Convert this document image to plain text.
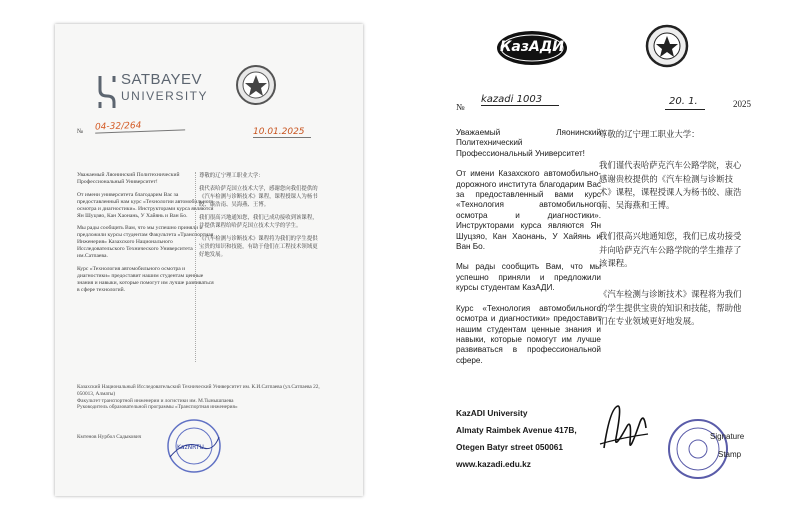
SATBAYEV
UNIVERSITY
№ 04-32/264	10.01.2025

Уважаемый Ляонинский Политехнический Профессиональный Университет!

От имени университета благодарим Вас за предоставленный нам курс «Технологии автомобильного осмотра и диагностики». Инструкторами курса являются Ян Шуцзяо, Кан Хаонань, У Хайянь и Ван Бо.

Мы рады сообщить Вам, что мы успешно приняли и предложили курсы студентам Факультета «Транспортная Инженерия» Казахского Национального Исследовательского Технического Университета им.Сатпаева.

Курс «Технология автомобильного осмотра и диагностики» предоставит нашим студентам ценные знания и навыки, которые помогут им лучше развиваться в сфере технологий.

尊敬的辽宁理工职业大学：

我代表哈萨克国立技术大学，感谢您向我们提供的《汽车检测与诊断技术》课程，课程授课人为杨书皎、康浩南、吴海燕、王博。

我们很高兴地通知您，我们已成功接收到该课程，并提供课程给哈萨克国立技术大学的学生。

《汽车检测与诊断技术》课程将为我们的学生提供宝贵的知识和技能，有助于他们在工程技术领域更好地发展。

Казахский Национальный Исследовательский Технический Университет им. К.И.Сатпаева (ул.Сатпаева 22, 050013, Алматы)
Факультет транспортной инженерии и логистики им. М.Тынышпаева
Руководитель образовательной программы «Транспортная инженерия»
Кмтенов Нурбол Садыкович
KazNRTU
КазАДИ
№
kazadi 1003	20. 1.	2025

Уважаемый Ляонинский Политехнический Профессиональный Университет!

От имени Казахского автомобильно-дорожного института благодарим Вас за предоставленный вами курс «Технология автомобильного осмотра и диагностики». Инструкторами курса являются Ян Шуцзяо, Кан Хаонань, У Хайянь и Ван Бо.

Мы рады сообщить Вам, что мы успешно приняли и предложили курсы студентам КазАДИ.

Курс «Технология автомобильного осмотра и диагностики» предоставит нашим студентам ценные знания и навыки, которые помогут им лучше развиваться в профессиональной сфере.

尊敬的辽宁理工职业大学：

我们谨代表哈萨克汽车公路学院，衷心感谢贵校提供的《汽车检测与诊断技术》课程，课程授课人为杨书皎、康浩南、吴海燕和王博。

我们很高兴地通知您，我们已成功接受并向哈萨克汽车公路学院的学生推荐了该课程。

《汽车检测与诊断技术》课程将为我们的学生提供宝贵的知识和技能，帮助他们在专业领域更好地发展。

KazADI University
Almaty Raimbek Avenue 417B,
Otegen Batyr street 050061
www.kazadi.edu.kz
Signature
Stamp
